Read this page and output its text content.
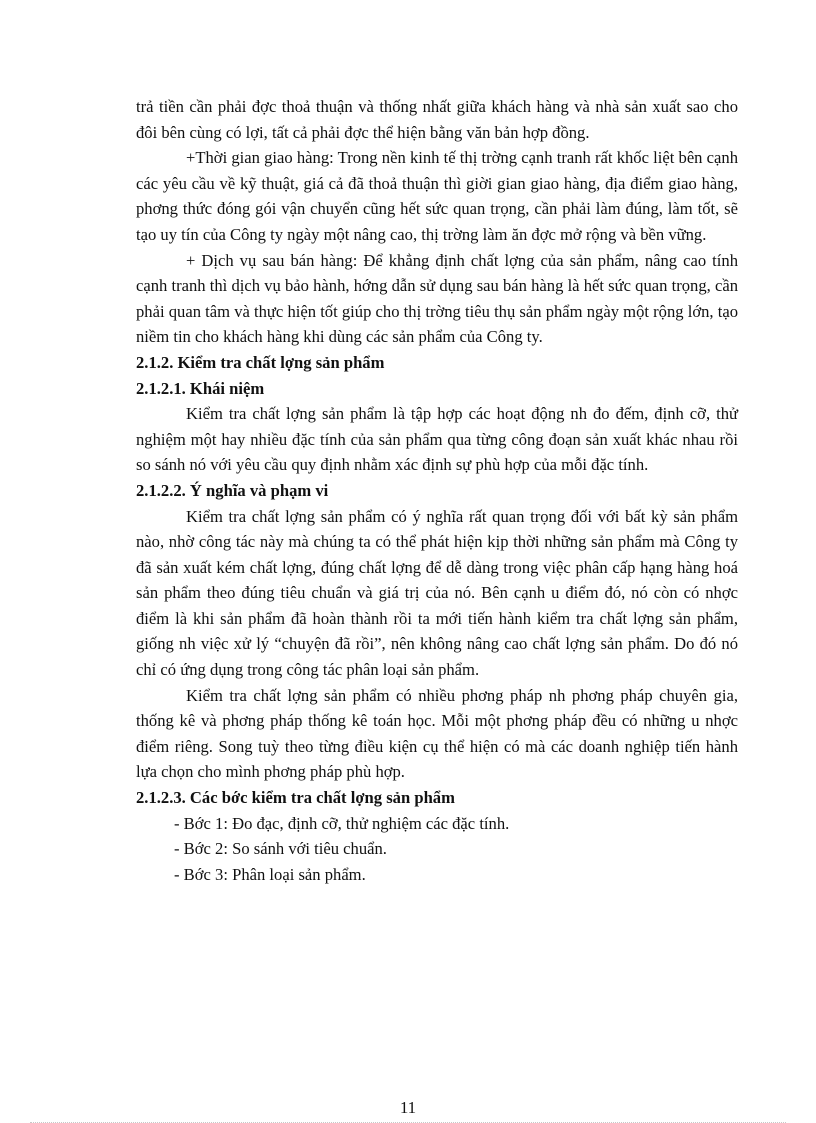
trả tiền cần phải đợc thoả thuận và thống nhất giữa khách hàng và nhà sản xuất sao cho đôi bên cùng có lợi, tất cả phải đợc thể hiện bằng văn bản hợp đồng.

+Thời gian giao hàng: Trong nền kinh tế thị trờng cạnh tranh rất khốc liệt bên cạnh các yêu cầu về kỹ thuật, giá cả đã thoả thuận thì giời gian giao hàng, địa điểm giao hàng, phơng thức đóng gói vận chuyển cũng hết sức quan trọng, cần phải làm đúng, làm tốt, sẽ tạo uy tín của Công ty ngày một nâng cao, thị trờng làm ăn đợc mở rộng và bền vững.

+ Dịch vụ sau bán hàng: Để khẳng định chất lợng của sản phẩm, nâng cao tính cạnh tranh thì dịch vụ bảo hành, hớng dẫn sử dụng sau bán hàng là hết sức quan trọng, cần phải quan tâm và thực hiện tốt giúp cho thị trờng tiêu thụ sản phẩm ngày một rộng lớn, tạo niềm tin cho khách hàng khi dùng các sản phẩm của Công ty.

2.1.2. Kiểm tra chất lợng sản phẩm

2.1.2.1. Khái niệm

Kiểm tra chất lợng sản phẩm là tập hợp các hoạt động nh đo đếm, định cỡ, thử nghiệm một hay nhiều đặc tính của sản phẩm qua từng công đoạn sản xuất khác nhau rồi so sánh nó với yêu cầu quy định nhằm xác định sự phù hợp của mỗi đặc tính.

2.1.2.2. Ý nghĩa và phạm vi

Kiểm tra chất lợng sản phẩm có ý nghĩa rất quan trọng đối với bất kỳ sản phẩm nào, nhờ công tác này mà chúng ta có thể phát hiện kịp thời những sản phẩm mà Công ty đã sản xuất kém chất lợng, đúng chất lợng để dễ dàng trong việc phân cấp hạng hàng hoá sản phẩm theo đúng tiêu chuẩn và giá trị của nó. Bên cạnh u điểm đó, nó còn có nhợc điểm là khi sản phẩm đã hoàn thành rồi ta mới tiến hành kiểm tra chất lợng sản phẩm, giống nh việc xử lý “chuyện đã rồi”, nên không nâng cao chất lợng sản phẩm. Do đó nó chỉ có ứng dụng trong công tác phân loại sản phẩm.

Kiểm tra chất lợng sản phẩm có nhiều phơng pháp nh phơng pháp chuyên gia, thống kê và phơng pháp thống kê toán học. Mỗi một phơng pháp đều có những u nhợc điểm riêng. Song tuỳ theo từng điều kiện cụ thể hiện có mà các doanh nghiệp tiến hành lựa chọn cho mình phơng pháp phù hợp.

2.1.2.3. Các bớc kiểm tra chất lợng sản phẩm

- Bớc 1: Đo đạc, định cỡ, thử nghiệm các đặc tính.

- Bớc 2: So sánh với tiêu chuẩn.

- Bớc 3: Phân loại sản phẩm.

11
